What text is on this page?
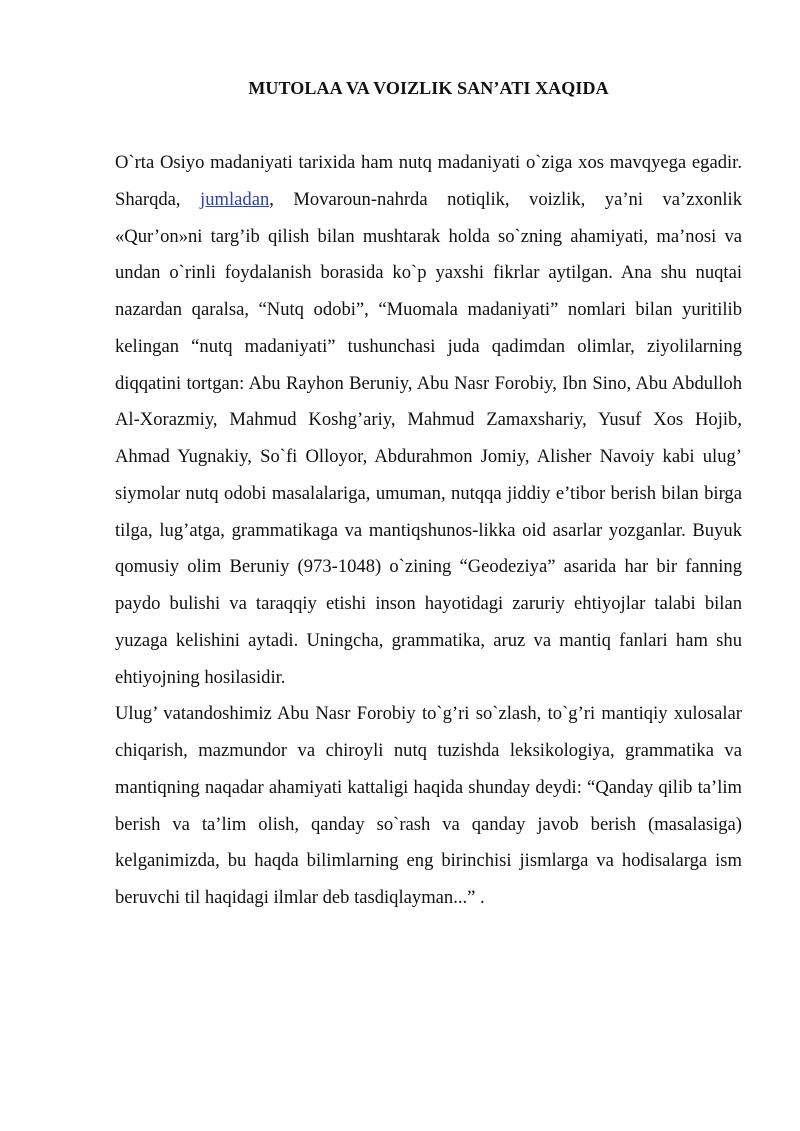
MUTOLAA VA VOIZLIK SAN’ATI XAQIDA

O`rta Osiyo madaniyati tarixida ham nutq madaniyati o`ziga xos mavqyega egadir. Sharqda, jumladan, Movaroun-nahrda notiqlik, voizlik, ya’ni va’zxonlik «Qur’on»ni targ’ib qilish bilan mushtarak holda so`zning ahamiyati, ma’nosi va undan o`rinli foydalanish borasida ko`p yaxshi fikrlar aytilgan. Ana shu nuqtai nazardan qaralsa, “Nutq odobi”, “Muomala madaniyati” nomlari bilan yuritilib kelingan “nutq madaniyati” tushunchasi juda qadimdan olimlar, ziyolilarning diqqatini tortgan: Abu Rayhon Beruniy, Abu Nasr Forobiy, Ibn Sino, Abu Abdulloh Al-Xorazmiy, Mahmud Koshg’ariy, Mahmud Zamaxshariy, Yusuf Xos Hojib, Ahmad Yugnakiy, So`fi Olloyor, Abdurahmon Jomiy, Alisher Navoiy kabi ulug’ siymolar nutq odobi masalalariga, umuman, nutqqa jiddiy e’tibor berish bilan birga tilga, lug’atga, grammatikaga va mantiqshunos-likka oid asarlar yozganlar. Buyuk qomusiy olim Beruniy (973-1048) o`zining “Geodeziya” asarida har bir fanning paydo bulishi va taraqqiy etishi inson hayotidagi zaruriy ehtiyojlar talabi bilan yuzaga kelishini aytadi. Uningcha, grammatika, aruz va mantiq fanlari ham shu ehtiyojning hosilasidir.

Ulug’ vatandoshimiz Abu Nasr Forobiy to`g’ri so`zlash, to`g’ri mantiqiy xulosalar chiqarish, mazmundor va chiroyli nutq tuzishda leksikologiya, grammatika va mantiqning naqadar ahamiyati kattaligi haqida shunday deydi: “Qanday qilib ta’lim berish va ta’lim olish, qanday so`rash va qanday javob berish (masalasiga) kelganimizda, bu haqda bilimlarning eng birinchisi jismlarga va hodisalarga ism beruvchi til haqidagi ilmlar deb tasdiqlayman...” .
